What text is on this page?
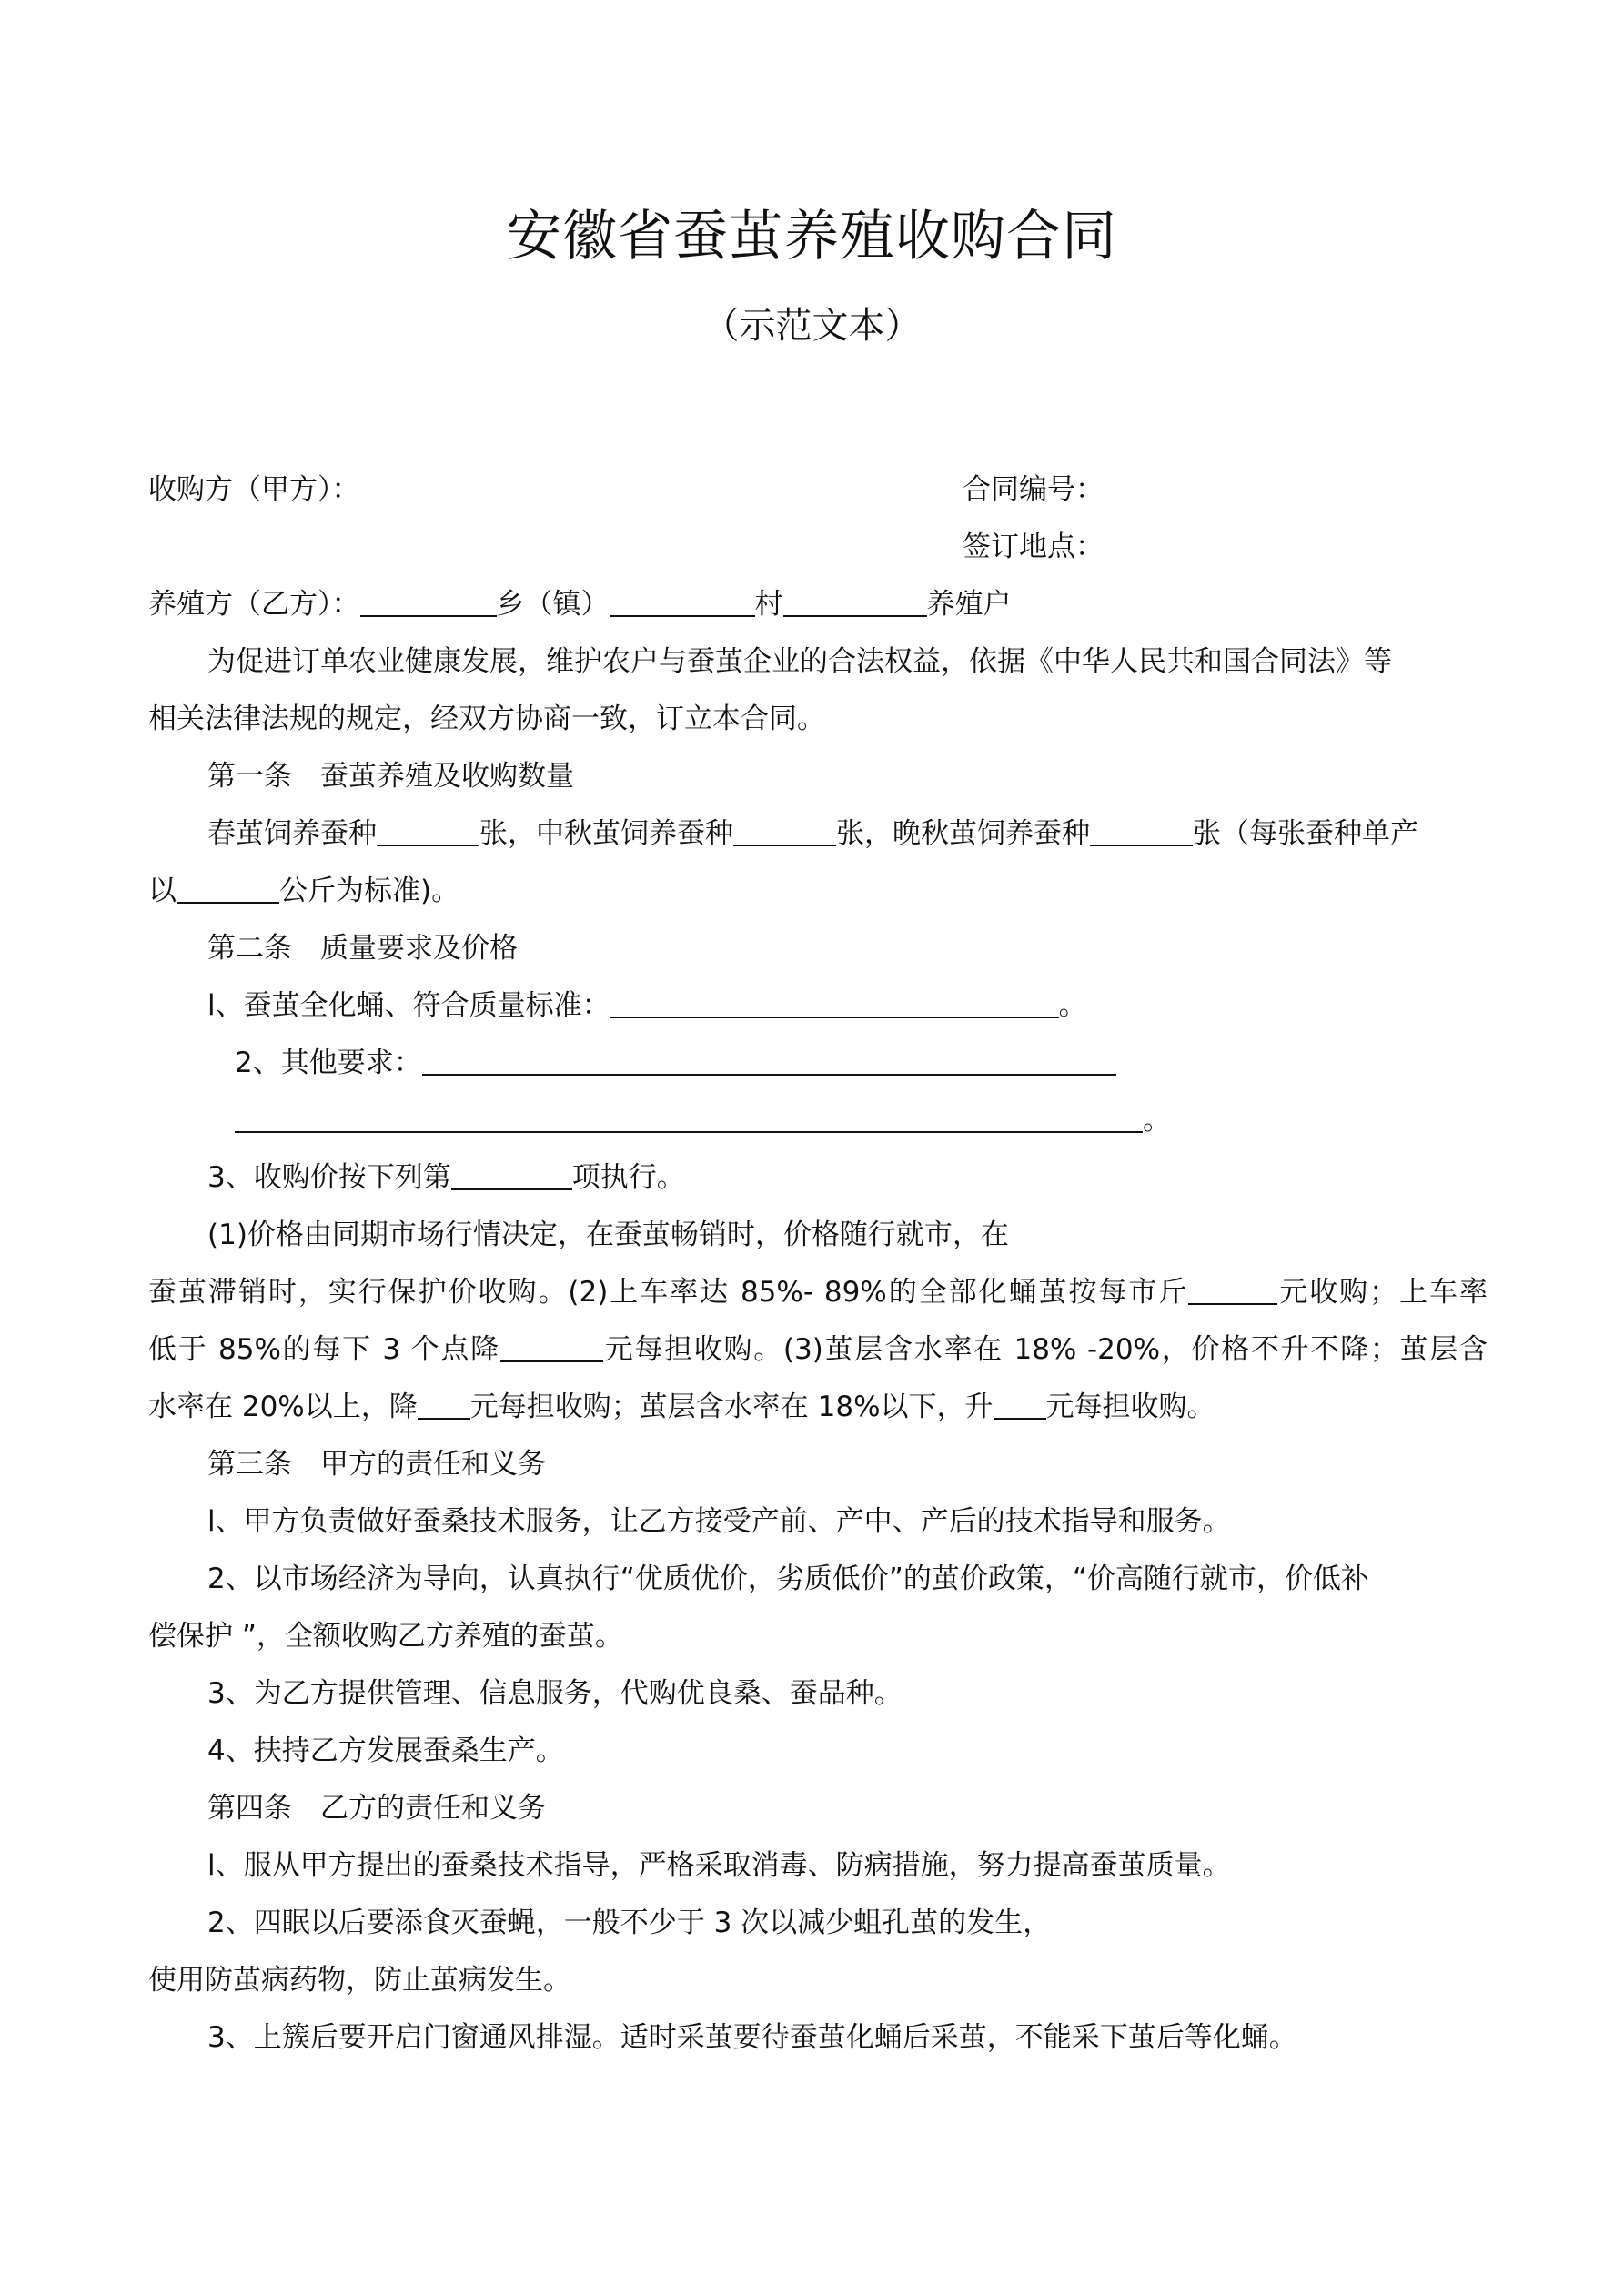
安徽省蚕茧养殖收购合同
（示范文本）
收购方（甲方）：	合同编号：
签订地点：
养殖方（乙方）：	乡（镇）	村	养殖户
为促进订单农业健康发展，维护农户与蚕茧企业的合法权益，依据《中华人民共和国合同法》等
相关法律法规的规定，经双方协商一致，订立本合同。
第一条　蚕茧养殖及收购数量
春茧饲养蚕种	张，中秋茧饲养蚕种	张，晚秋茧饲养蚕种	张（每张蚕种单产
以	公斤为标准)。
第二条　质量要求及价格
l、蚕茧全化蛹、符合质量标准：	。
2、其他要求：
。
3、收购价按下列第	项执行。
(1)价格由同期市场行情决定，在蚕茧畅销时，价格随行就市，在
蚕茧滞销时，实行保护价收购。(2)上车率达 85%- 89%的全部化蛹茧按每市斤	元收购；上车率
低于 85%的每下 3 个点降	元每担收购。(3)茧层含水率在 18% -20%，价格不升不降；茧层含
水率在 20%以上，降 元每担收购；茧层含水率在 18%以下，升 元每担收购。
第三条　甲方的责任和义务
l、甲方负责做好蚕桑技术服务，让乙方接受产前、产中、产后的技术指导和服务。
2、以市场经济为导向，认真执行“优质优价，劣质低价”的茧价政策，“价高随行就市，价低补
偿保护 ”，全额收购乙方养殖的蚕茧。
3、为乙方提供管理、信息服务，代购优良桑、蚕品种。
4、扶持乙方发展蚕桑生产。
第四条　乙方的责任和义务
l、服从甲方提出的蚕桑技术指导，严格采取消毒、防病措施，努力提高蚕茧质量。
2、四眠以后要添食灭蚕蝇，一般不少于 3 次以减少蛆孔茧的发生，
使用防茧病药物，防止茧病发生。
3、上簇后要开启门窗通风排湿。适时采茧要待蚕茧化蛹后采茧，不能采下茧后等化蛹。
